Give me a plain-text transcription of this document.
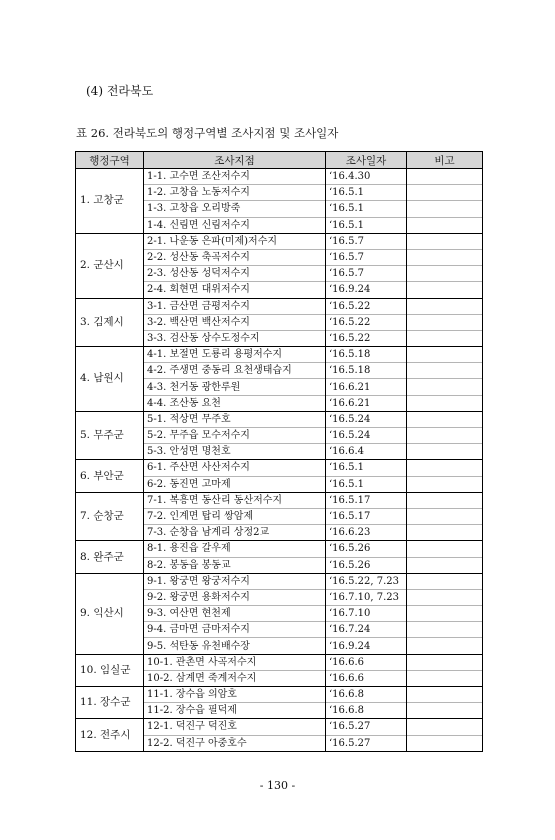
(4) 전라북도

표 26. 전라북도의 행정구역별 조사지점 및 조사일자

행정구역	조사지점	조사일자	비고
1. 고창군	1-1. 고수면 조산저수지	‘16.4.30	
	1-2. 고창읍 노동저수지	‘16.5.1	
	1-3. 고창읍 오리방죽	‘16.5.1	
	1-4. 신림면 신림저수지	‘16.5.1	
2. 군산시	2-1. 나운동 은파(미제)저수지	‘16.5.7	
	2-2. 성산동 축곡저수지	‘16.5.7	
	2-3. 성산동 성덕저수지	‘16.5.7	
	2-4. 회현면 대위저수지	‘16.9.24	
3. 김제시	3-1. 금산면 금평저수지	‘16.5.22	
	3-2. 백산면 백산저수지	‘16.5.22	
	3-3. 검산동 상수도정수지	‘16.5.22	
4. 남원시	4-1. 보절면 도룡리 용평저수지	‘16.5.18	
	4-2. 주생면 중동리 요천생태습지	‘16.5.18	
	4-3. 천거동 광한루원	‘16.6.21	
	4-4. 조산동 요천	‘16.6.21	
5. 무주군	5-1. 적상면 무주호	‘16.5.24	
	5-2. 무주읍 모수저수지	‘16.5.24	
	5-3. 안성면 명천호	‘16.6.4	
6. 부안군	6-1. 주산면 사산저수지	‘16.5.1	
	6-2. 동진면 고마제	‘16.5.1	
7. 순창군	7-1. 복흥면 동산리 동산저수지	‘16.5.17	
	7-2. 인계면 탑리 쌍암제	‘16.5.17	
	7-3. 순창읍 남계리 상정2교	‘16.6.23	
8. 완주군	8-1. 용진읍 갈우제	‘16.5.26	
	8-2. 봉동읍 봉동교	‘16.5.26	
9. 익산시	9-1. 왕궁면 왕궁저수지	‘16.5.22, 7.23	
	9-2. 왕궁면 용화저수지	‘16.7.10, 7.23	
	9-3. 여산면 현천제	‘16.7.10	
	9-4. 금마면 금마저수지	‘16.7.24	
	9-5. 석탄동 유천배수장	‘16.9.24	
10. 임실군	10-1. 관촌면 사곡저수지	‘16.6.6	
	10-2. 삼계면 죽계저수지	‘16.6.6	
11. 장수군	11-1. 장수읍 의암호	‘16.6.8	
	11-2. 장수읍 필덕제	‘16.6.8	
12. 전주시	12-1. 덕진구 덕진호	‘16.5.27	
	12-2. 덕진구 아중호수	‘16.5.27	

- 130 -
